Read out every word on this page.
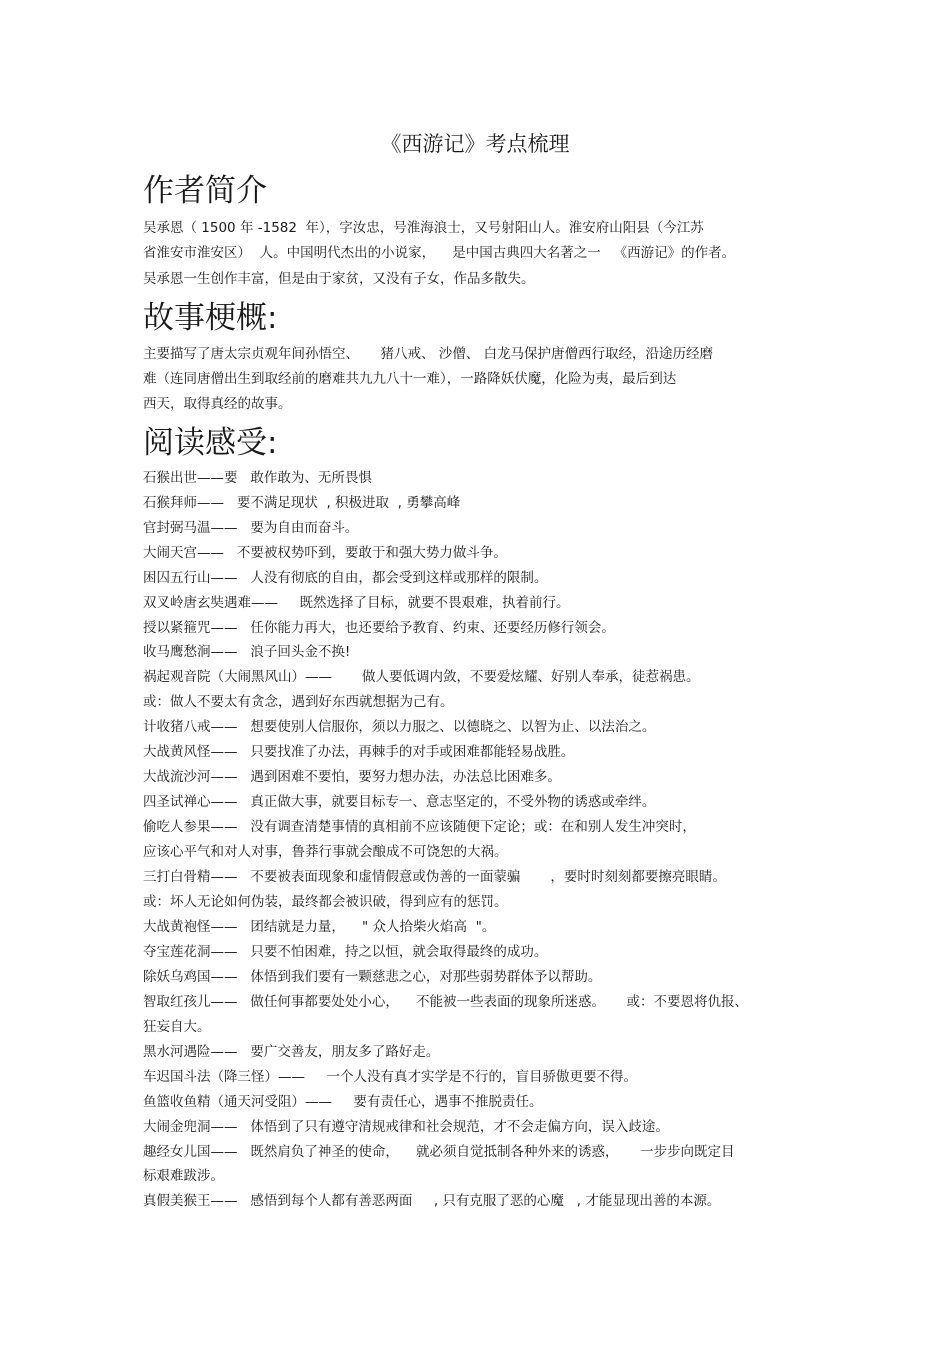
《西游记》考点梳理
作者简介
吴承恩（ 1500 年 -1582  年），字汝忠，号淮海浪士，又号射阳山人。淮安府山阳县（今江苏
省淮安市淮安区）  人。中国明代杰出的小说家，    是中国古典四大名著之一   《西游记》的作者。
吴承恩一生创作丰富，但是由于家贫，又没有子女，作品多散失。
故事梗概:
主要描写了唐太宗贞观年间孙悟空、     猪八戒、 沙僧、 白龙马保护唐僧西行取经，沿途历经磨
难（连同唐僧出生到取经前的磨难共九九八十一难），一路降妖伏魔，化险为夷，最后到达
西天，取得真经的故事。
阅读感受:
石猴出世——要   敢作敢为、无所畏惧
石猴拜师——   要不满足现状  , 积极进取  , 勇攀高峰
官封弼马温——   要为自由而奋斗。
大闹天宫——   不要被权势吓到，要敢于和强大势力做斗争。
困囚五行山——   人没有彻底的自由，都会受到这样或那样的限制。
双叉岭唐玄奘遇难——     既然选择了目标，就要不畏艰难，执着前行。
授以紧箍咒——   任你能力再大，也还要给予教育、约束、还要经历修行领会。
收马鹰愁涧——   浪子回头金不换!
祸起观音院（大闹黑风山）——       做人要低调内敛，不要爱炫耀、好别人奉承，徒惹祸患。
或：做人不要太有贪念，遇到好东西就想据为己有。
计收猪八戒——   想要使别人信服你，须以力服之、以德晓之、以智为止、以法治之。
大战黄风怪——   只要找准了办法，再棘手的对手或困难都能轻易战胜。
大战流沙河——   遇到困难不要怕，要努力想办法，办法总比困难多。
四圣试禅心——   真正做大事，就要目标专一、意志坚定的，不受外物的诱惑或牵绊。
偷吃人参果——   没有调查清楚事情的真相前不应该随便下定论；或：在和别人发生冲突时，
应该心平气和对人对事，鲁莽行事就会酿成不可饶恕的大祸。
三打白骨精——   不要被表面现象和虚情假意或伪善的一面蒙骗       ，要时时刻刻都要擦亮眼睛。
或：坏人无论如何伪装，最终都会被识破，得到应有的惩罚。
大战黄袍怪——   团结就是力量，    " 众人拾柴火焰高  "。
夺宝莲花洞——   只要不怕困难，持之以恒，就会取得最终的成功。
除妖乌鸡国——   体悟到我们要有一颗慈悲之心，对那些弱势群体予以帮助。
智取红孩儿——   做任何事都要处处小心，    不能被一些表面的现象所迷惑。     或：不要恩将仇报、
狂妄自大。
黑水河遇险——   要广交善友，朋友多了路好走。
车迟国斗法（降三怪）——     一个人没有真才实学是不行的，盲目骄傲更要不得。
鱼篮收鱼精（通天河受阻）——     要有责任心，遇事不推脱责任。
大闹金兜洞——   体悟到了只有遵守清规戒律和社会规范，才不会走偏方向，误入歧途。
趣经女儿国——   既然肩负了神圣的使命，    就必须自觉抵制各种外来的诱惑，     一步步向既定目
标艰难跋涉。
真假美猴王——   感悟到每个人都有善恶两面     , 只有克服了恶的心魔   , 才能显现出善的本源。
